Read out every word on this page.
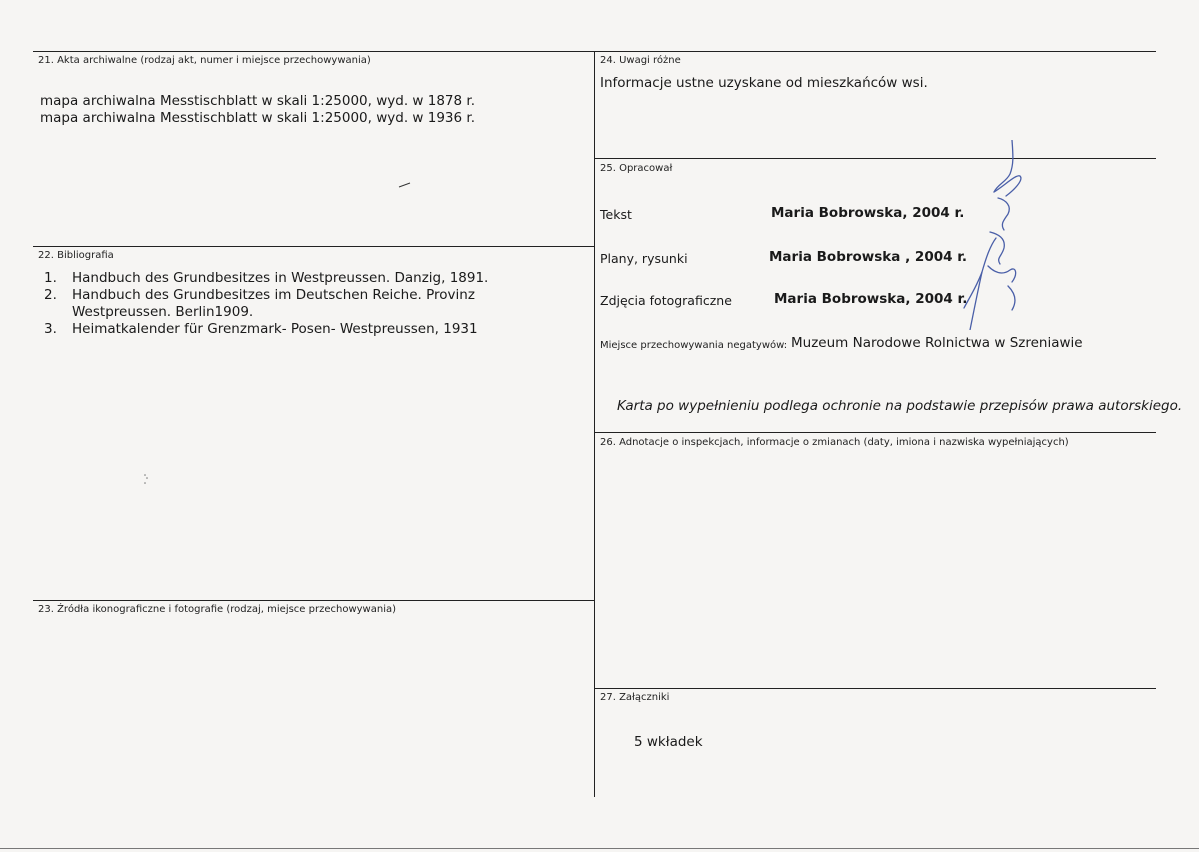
21. Akta archiwalne (rodzaj akt, numer i miejsce przechowywania)
mapa archiwalna Messtischblatt w skali 1:25000, wyd. w 1878 r.
mapa archiwalna Messtischblatt w skali 1:25000, wyd. w 1936 r.
22. Bibliografia
1. Handbuch des Grundbesitzes in Westpreussen. Danzig, 1891.
2. Handbuch des Grundbesitzes im Deutschen Reiche. Provinz Westpreussen. Berlin1909.
3. Heimatkalender für Grenzmark- Posen- Westpreussen, 1931
23. Źródła ikonograficzne i fotografie (rodzaj, miejsce przechowywania)
24. Uwagi różne
Informacje ustne uzyskane od mieszkańców wsi.
25. Opracował
Tekst	Maria Bobrowska, 2004 r.
Plany, rysunki	Maria Bobrowska , 2004 r.
Zdjęcia fotograficzne	Maria Bobrowska, 2004 r.
Miejsce przechowywania negatywów: Muzeum Narodowe Rolnictwa w Szreniawie
Karta po wypełnieniu podlega ochronie na podstawie przepisów prawa autorskiego.
26. Adnotacje o inspekcjach, informacje o zmianach (daty, imiona i nazwiska wypełniających)
27. Załączniki
5 wkładek
